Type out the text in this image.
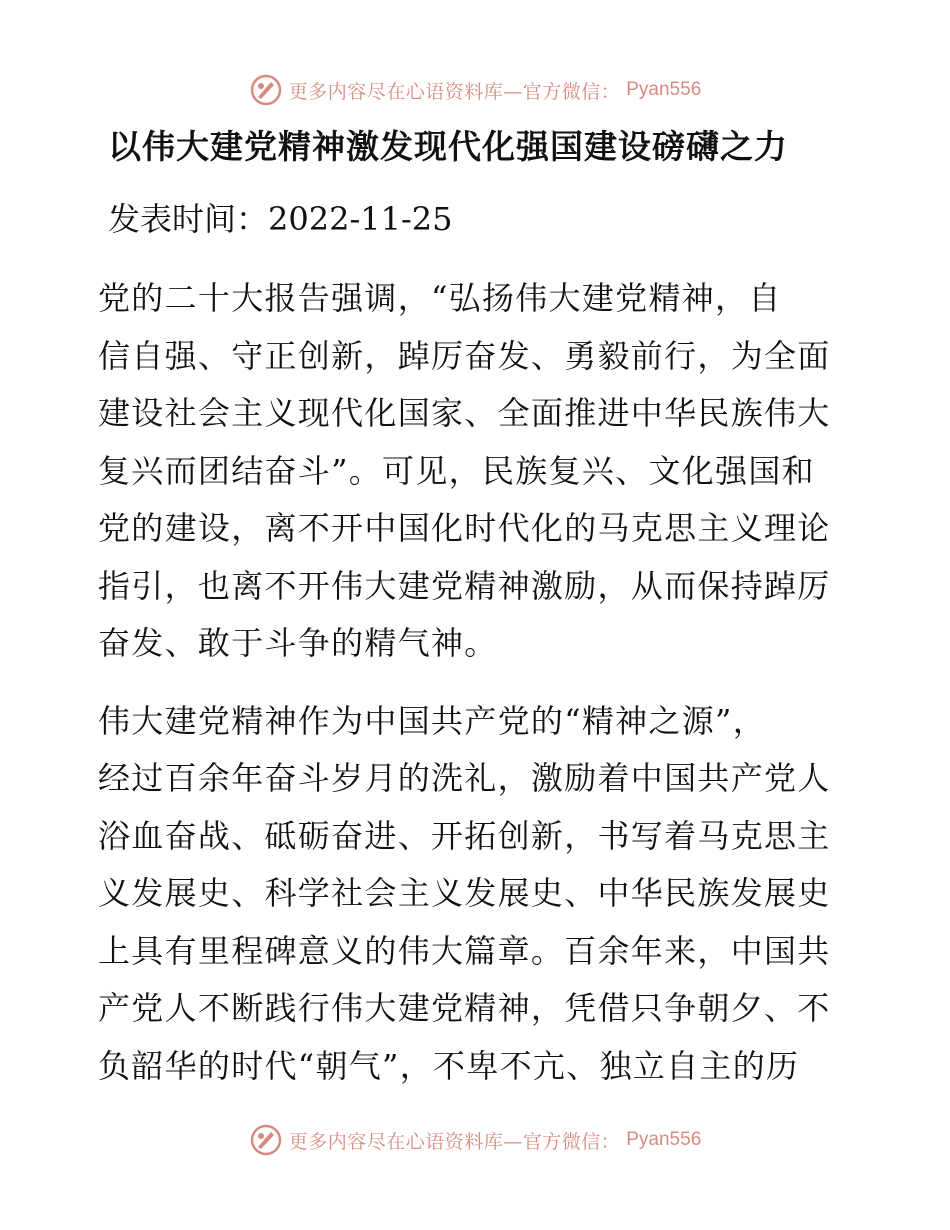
更多内容尽在心语资料库—官方微信： Pyan556
以伟大建党精神激发现代化强国建设磅礴之力
发表时间：2022-11-25

党的二十大报告强调，“弘扬伟大建党精神，自
信自强、守正创新，踔厉奋发、勇毅前行，为全面
建设社会主义现代化国家、全面推进中华民族伟大
复兴而团结奋斗”。可见，民族复兴、文化强国和
党的建设，离不开中国化时代化的马克思主义理论
指引，也离不开伟大建党精神激励，从而保持踔厉
奋发、敢于斗争的精气神。

伟大建党精神作为中国共产党的“精神之源”，
经过百余年奋斗岁月的洗礼，激励着中国共产党人
浴血奋战、砥砺奋进、开拓创新，书写着马克思主
义发展史、科学社会主义发展史、中华民族发展史
上具有里程碑意义的伟大篇章。百余年来，中国共
产党人不断践行伟大建党精神，凭借只争朝夕、不
负韶华的时代“朝气”，不卑不亢、独立自主的历

更多内容尽在心语资料库—官方微信： Pyan556
